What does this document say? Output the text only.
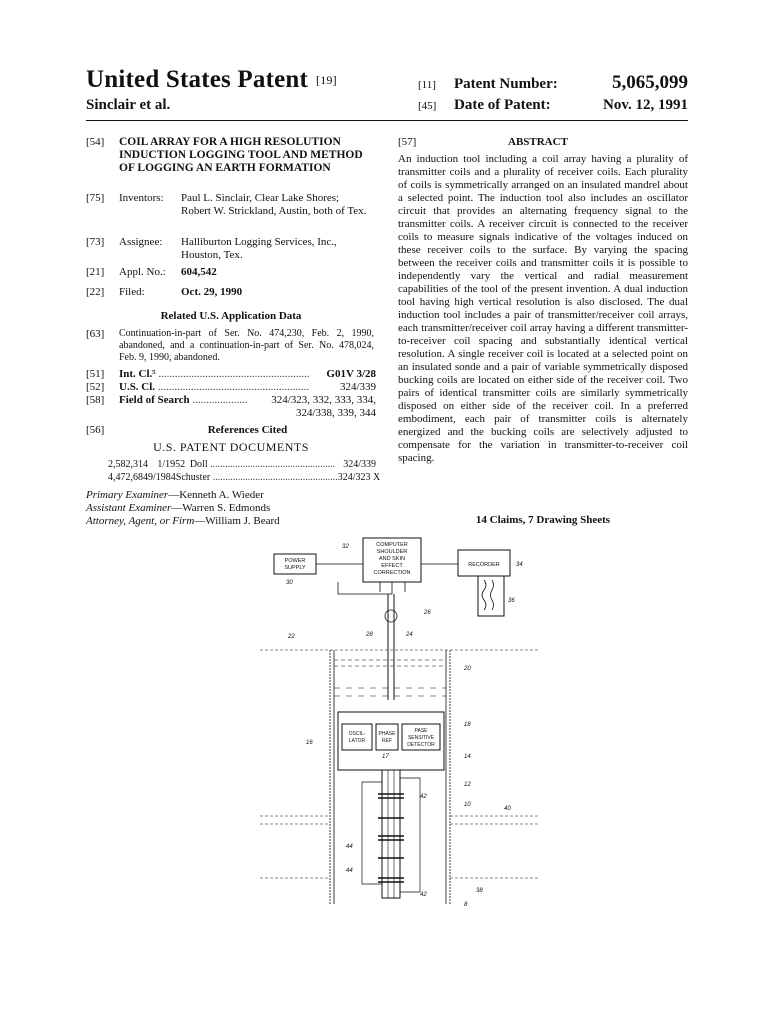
United States Patent [19]
Sinclair et al.
[11] Patent Number:	5,065,099
[45] Date of Patent:	Nov. 12, 1991
[54]	COIL ARRAY FOR A HIGH RESOLUTION INDUCTION LOGGING TOOL AND METHOD OF LOGGING AN EARTH FORMATION
[75]	Inventors:	Paul L. Sinclair, Clear Lake Shores;
Robert W. Strickland, Austin, both of Tex.
[73]	Assignee:	Halliburton Logging Services, Inc., Houston, Tex.
[21]	Appl. No.:	604,542
[22]	Filed:	Oct. 29, 1990
Related U.S. Application Data
[63]	Continuation-in-part of Ser. No. 474,230, Feb. 2, 1990, abandoned, and a continuation-in-part of Ser. No. 478,024, Feb. 9, 1990, abandoned.
[51]	Int. Cl.⁵ .......................................................	G01V 3/28
[52]	U.S. Cl. .......................................................	324/339
[58]	Field of Search ....................	324/323, 332, 333, 334,
324/338, 339, 344
[56]	References Cited
U.S. PATENT DOCUMENTS
2,582,314 1/1952 Doll .................................................. 324/339
4,472,684 9/1984 Schuster .................................................. 324/323 X
Primary Examiner—Kenneth A. Wieder
Assistant Examiner—Warren S. Edmonds
Attorney, Agent, or Firm—William J. Beard
[57]	ABSTRACT
An induction tool including a coil array having a plurality of transmitter coils and a plurality of receiver coils. Each plurality of coils is symmetrically arranged on an insulated mandrel about a selected point. The induction tool also includes an oscillator circuit that provides an alternating frequency signal to the transmitter coils. A receiver circuit is connected to the receiver coils to measure signals indicative of the voltages induced on these receiver coils to the surface. By varying the spacing between the receiver coils and transmitter coils it is possible to independently vary the vertical and radial measurement capabilities of the tool of the present invention. A dual induction tool having high vertical resolution is also disclosed. The dual induction tool includes a pair of transmitter/receiver coil arrays, each transmitter/receiver coil array having a different transmitter-to-receiver coil spacing and substantially identical vertical resolution. A single receiver coil is located at a selected point on an insulated sonde and a pair of variable symmetrically disposed bucking coils are located on either side of the receiver coil. Two pairs of identical transmitter coils are similarly symmetrically disposed on either side of the receiver coil. In a preferred embodiment, each pair of transmitter coils is alternately energized and the bucking coils are selectively adjusted to compensate for the variation in transmitter-to-receiver coil spacing.
14 Claims, 7 Drawing Sheets
COMPUTER
SHOULDER
AND SKIN
EFFECT
CORRECTION
POWER
SUPPLY	RECORDER
OSCIL-
LATOR
PHASE
REF
PASE
SENSITIVE
DETECTOR
32
30
34
36
26
28	24
22
20
18
16
17	14
12
10
40
42
42
44
44
38
8
